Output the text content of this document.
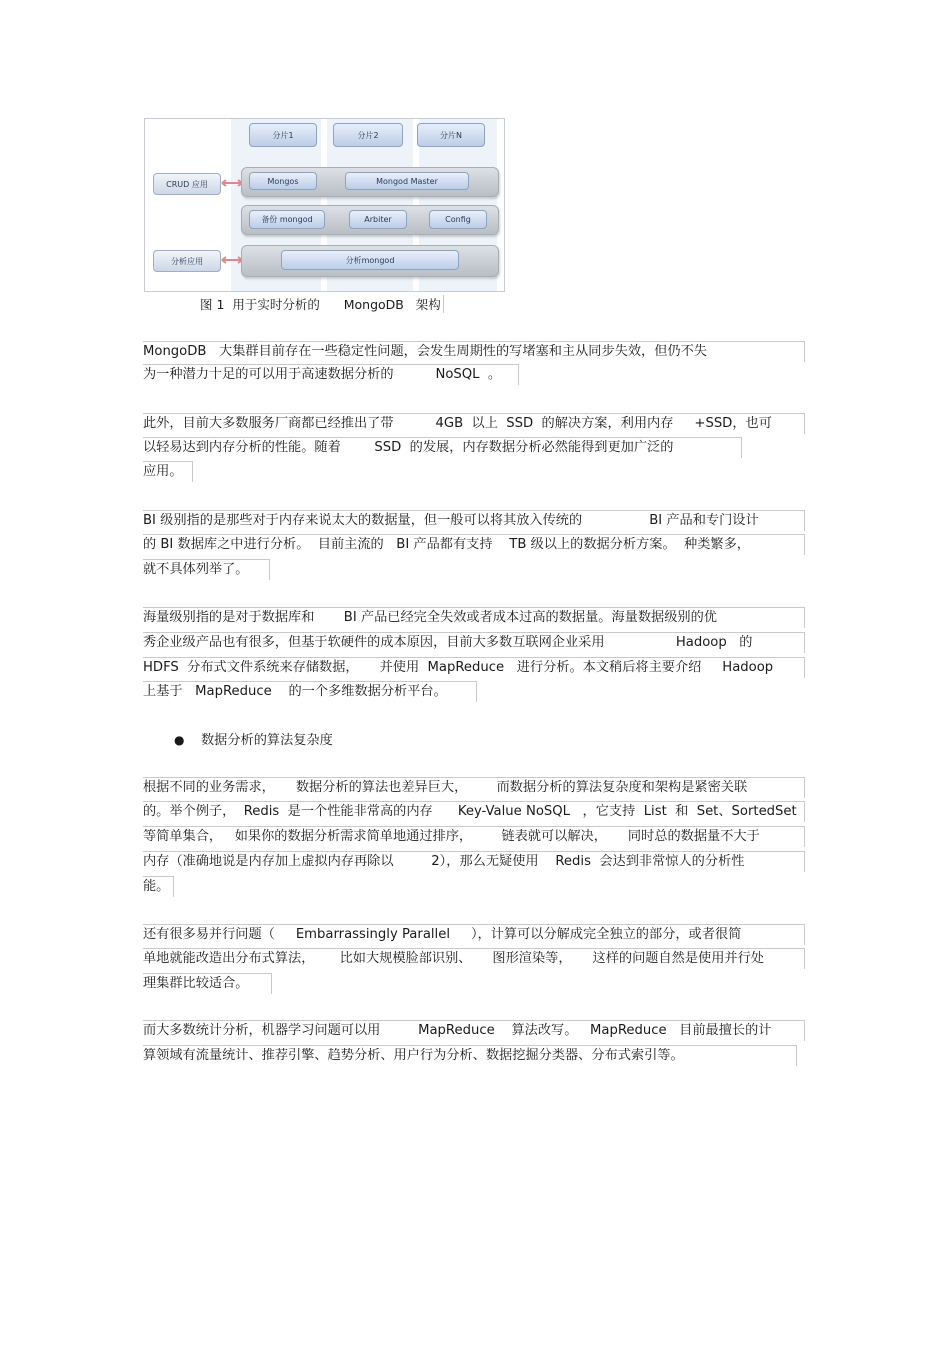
分片1	分片2	分片N
CRUD 应用	Mongos	Mongod Master
备份 mongod	Arbiter	Config
分析应用	分析mongod
图 1  用于实时分析的      MongoDB   架构
MongoDB   大集群目前存在一些稳定性问题，会发生周期性的写堵塞和主从同步失效，但仍不失
为一种潜力十足的可以用于高速数据分析的          NoSQL  。
此外，目前大多数服务厂商都已经推出了带          4GB  以上  SSD  的解决方案，利用内存     +SSD，也可
以轻易达到内存分析的性能。随着        SSD  的发展，内存数据分析必然能得到更加广泛的
应用。
BI 级别指的是那些对于内存来说太大的数据量，但一般可以将其放入传统的                BI 产品和专门设计
的 BI 数据库之中进行分析。  目前主流的   BI 产品都有支持    TB 级以上的数据分析方案。  种类繁多，
就不具体列举了。
海量级别指的是对于数据库和       BI 产品已经完全失效或者成本过高的数据量。海量数据级别的优
秀企业级产品也有很多，但基于软硬件的成本原因，目前大多数互联网企业采用                 Hadoop   的
HDFS  分布式文件系统来存储数据，     并使用  MapReduce   进行分析。本文稍后将主要介绍     Hadoop
上基于   MapReduce    的一个多维数据分析平台。
● 数据分析的算法复杂度
根据不同的业务需求，     数据分析的算法也差异巨大，       而数据分析的算法复杂度和架构是紧密关联
的。举个例子，  Redis  是一个性能非常高的内存      Key-Value NoSQL   ，它支持  List  和  Set、SortedSet
等简单集合，   如果你的数据分析需求简单地通过排序，       链表就可以解决，     同时总的数据量不大于
内存（准确地说是内存加上虚拟内存再除以         2），那么无疑使用    Redis  会达到非常惊人的分析性
能。
还有很多易并行问题（     Embarrassingly Parallel     ），计算可以分解成完全独立的部分，或者很简
单地就能改造出分布式算法，      比如大规模脸部识别、     图形渲染等，     这样的问题自然是使用并行处
理集群比较适合。
而大多数统计分析，机器学习问题可以用         MapReduce    算法改写。   MapReduce   目前最擅长的计
算领域有流量统计、推荐引擎、趋势分析、用户行为分析、数据挖掘分类器、分布式索引等。
